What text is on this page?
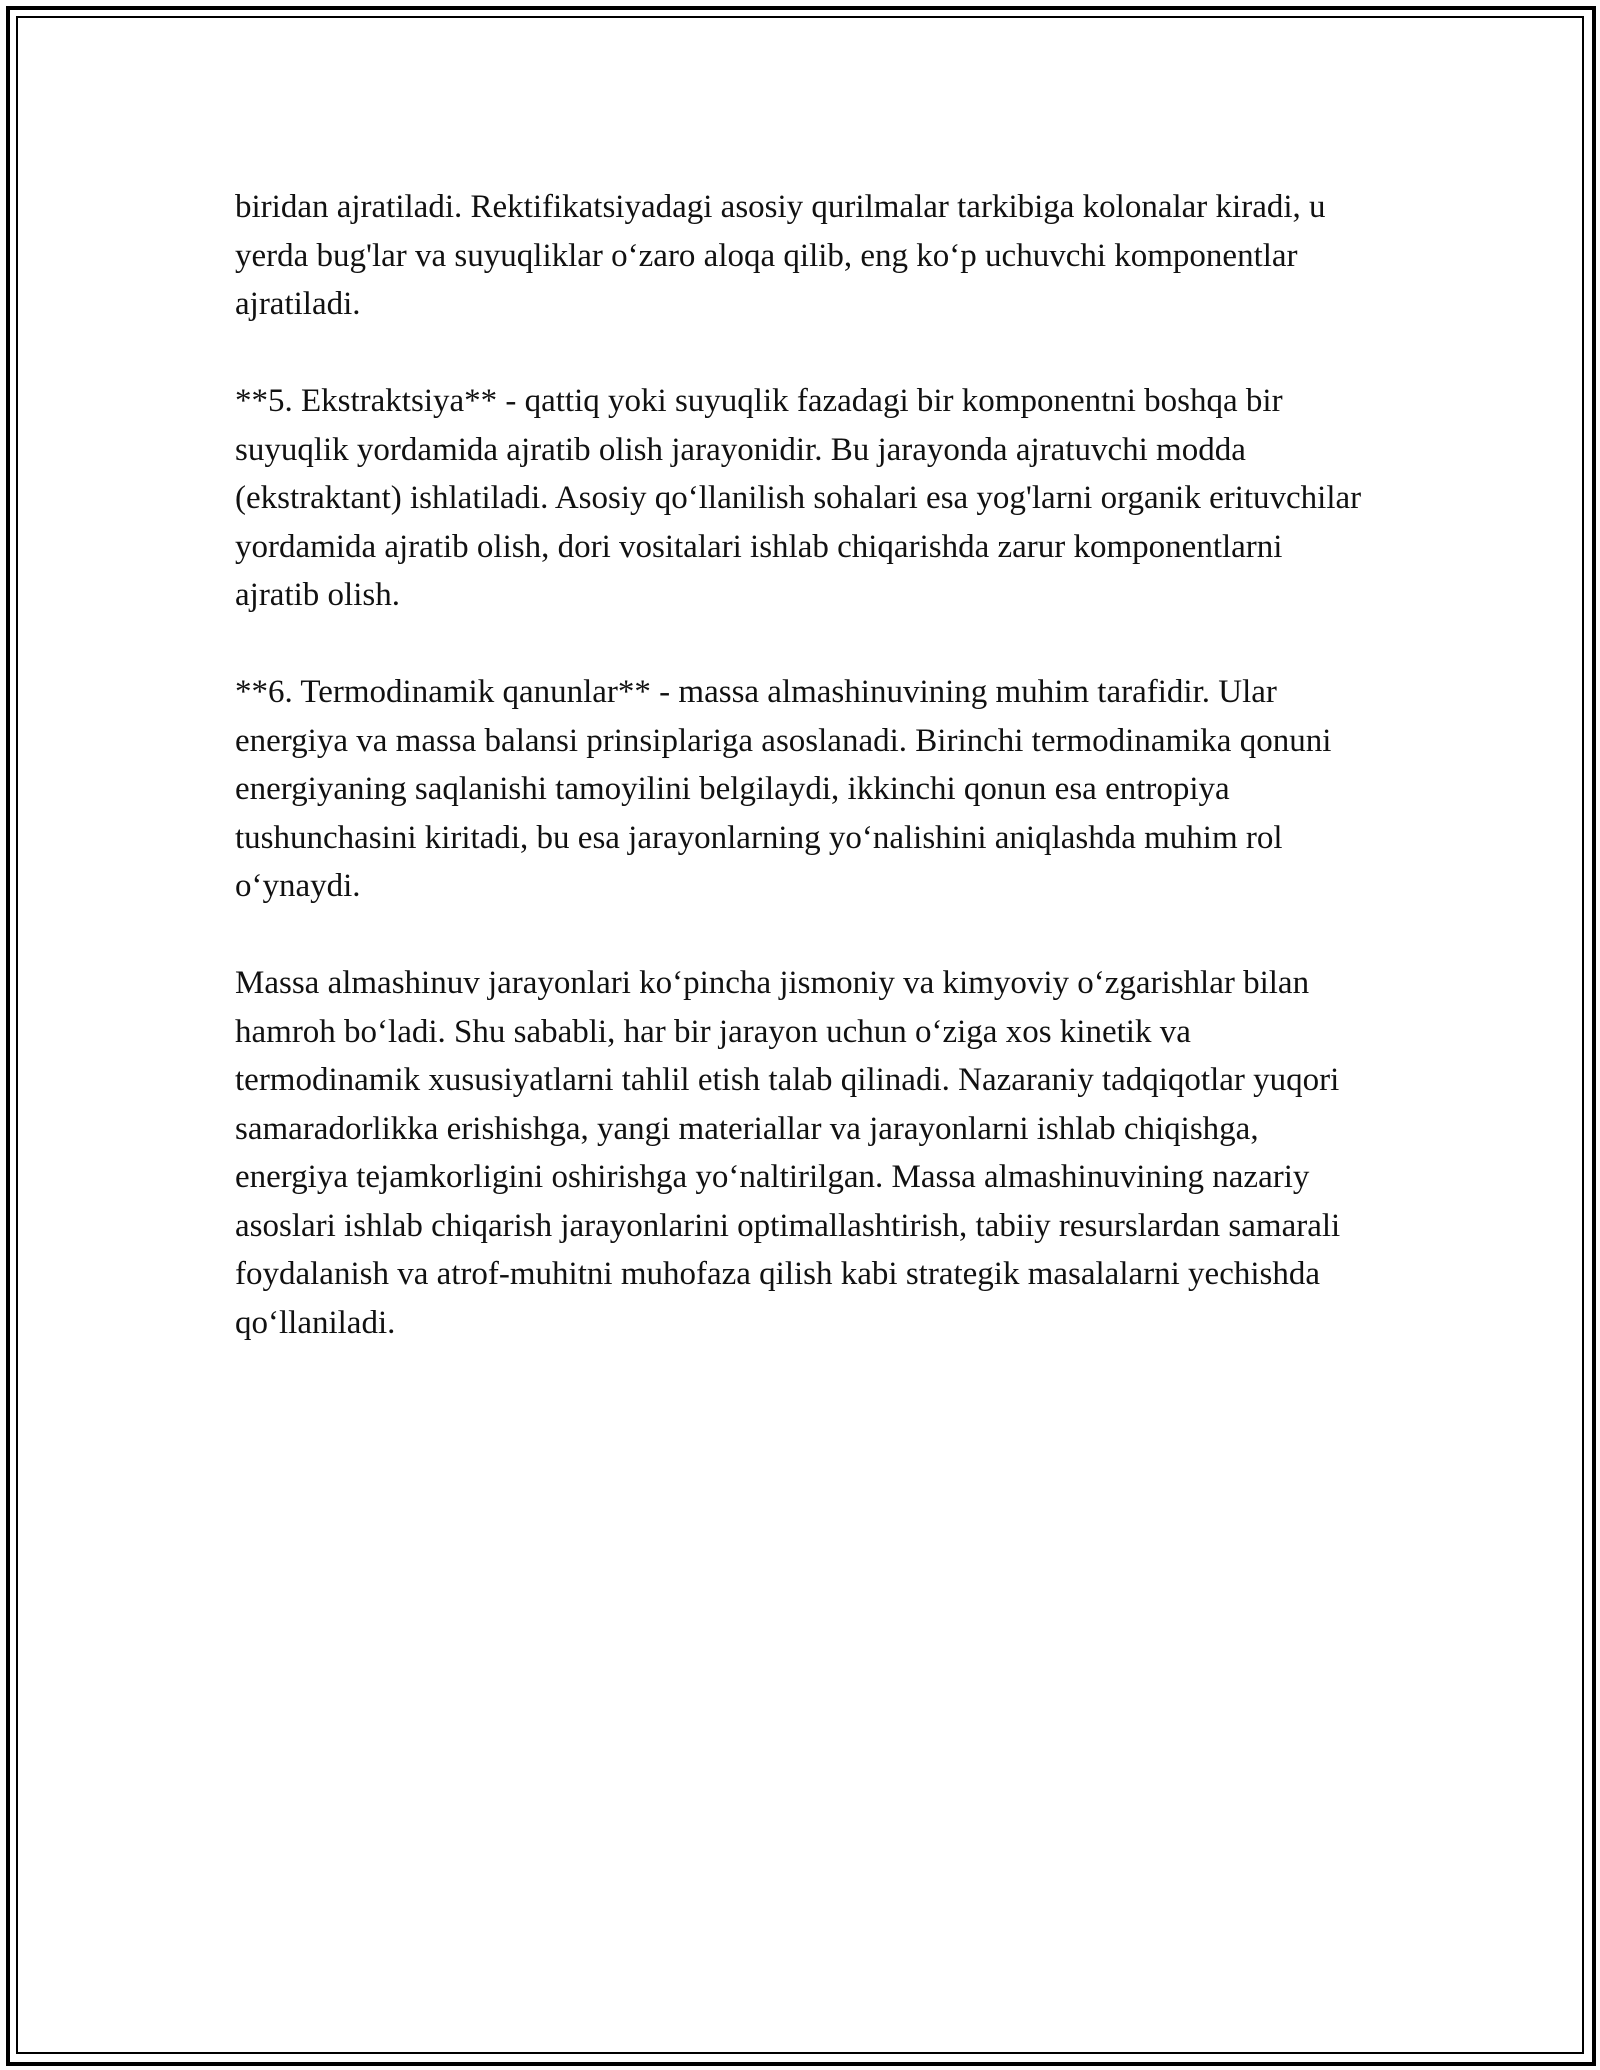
biridan ajratiladi. Rektifikatsiyadagi asosiy qurilmalar tarkibiga kolonalar kiradi, u yerda bug'lar va suyuqliklar o‘zaro aloqa qilib, eng ko‘p uchuvchi komponentlar ajratiladi.

**5. Ekstraktsiya** - qattiq yoki suyuqlik fazadagi bir komponentni boshqa bir suyuqlik yordamida ajratib olish jarayonidir. Bu jarayonda ajratuvchi modda (ekstraktant) ishlatiladi. Asosiy qo‘llanilish sohalari esa yog'larni organik erituvchilar yordamida ajratib olish, dori vositalari ishlab chiqarishda zarur komponentlarni ajratib olish.

**6. Termodinamik qanunlar** - massa almashinuvining muhim tarafidir. Ular energiya va massa balansi prinsiplariga asoslanadi. Birinchi termodinamika qonuni energiyaning saqlanishi tamoyilini belgilaydi, ikkinchi qonun esa entropiya tushunchasini kiritadi, bu esa jarayonlarning yo‘nalishini aniqlashda muhim rol o‘ynaydi.

Massa almashinuv jarayonlari ko‘pincha jismoniy va kimyoviy o‘zgarishlar bilan hamroh bo‘ladi. Shu sababli, har bir jarayon uchun o‘ziga xos kinetik va termodinamik xususiyatlarni tahlil etish talab qilinadi. Nazaraniy tadqiqotlar yuqori samaradorlikka erishishga, yangi materiallar va jarayonlarni ishlab chiqishga, energiya tejamkorligini oshirishga yo‘naltirilgan. Massa almashinuvining nazariy asoslari ishlab chiqarish jarayonlarini optimallashtirish, tabiiy resurslardan samarali foydalanish va atrof-muhitni muhofaza qilish kabi strategik masalalarni yechishda qo‘llaniladi.
